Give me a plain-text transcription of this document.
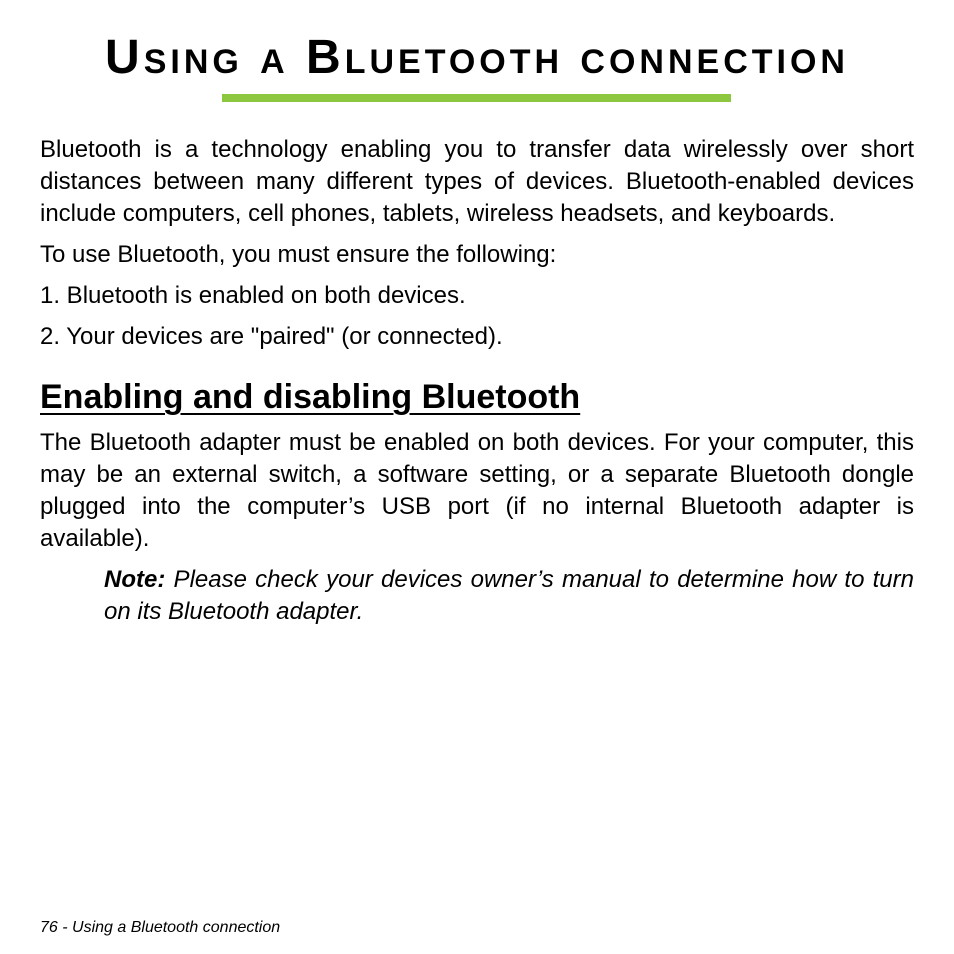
Using a Bluetooth connection

Bluetooth is a technology enabling you to transfer data wirelessly over short distances between many different types of devices. Bluetooth-enabled devices include computers, cell phones, tablets, wireless headsets, and keyboards.

To use Bluetooth, you must ensure the following:

1. Bluetooth is enabled on both devices.

2. Your devices are "paired" (or connected).

Enabling and disabling Bluetooth

The Bluetooth adapter must be enabled on both devices. For your computer, this may be an external switch, a software setting, or a separate Bluetooth dongle plugged into the computer’s USB port (if no internal Bluetooth adapter is available).

Note: Please check your devices owner’s manual to determine how to turn on its Bluetooth adapter.

76 - Using a Bluetooth connection
